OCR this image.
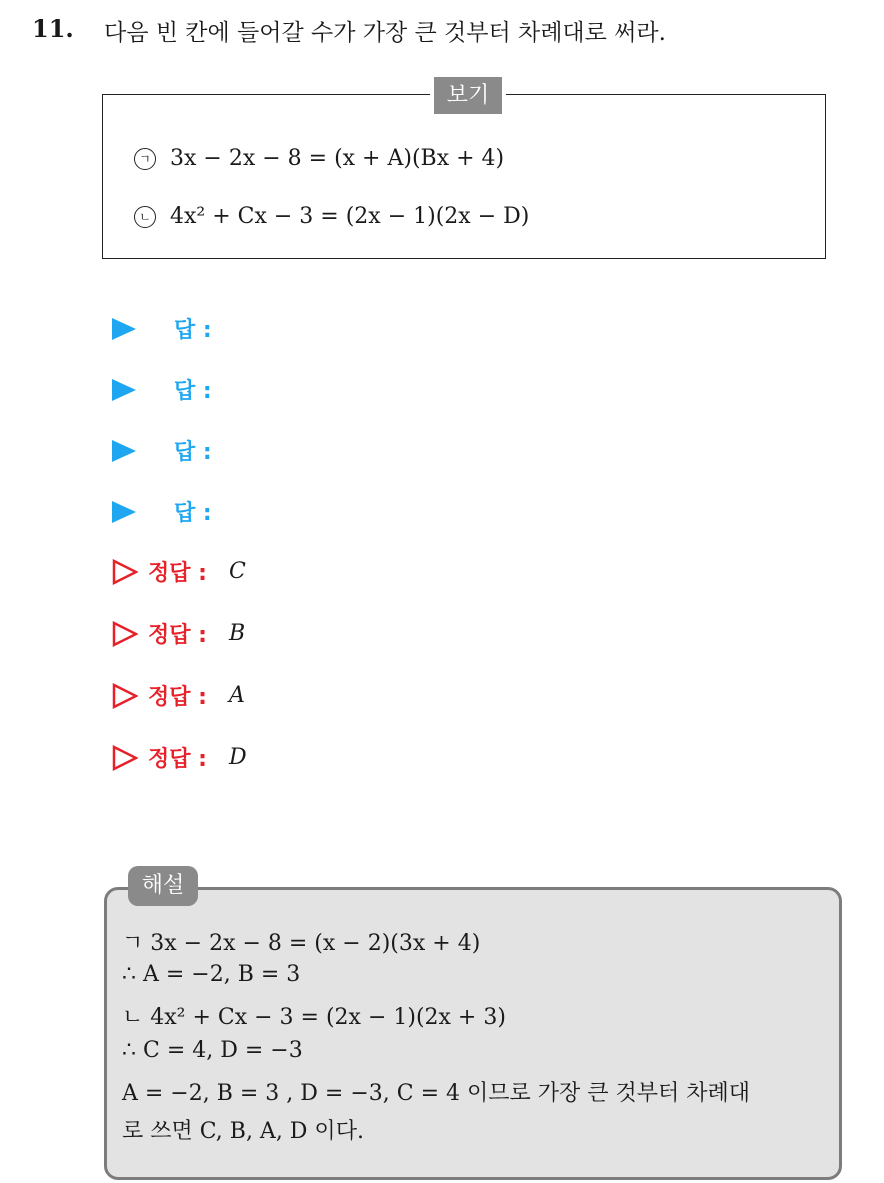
11. 다음 빈 칸에 들어갈 수가 가장 큰 것부터 차례대로 써라.
보기
ㄱ 3x − 2x − 8 = (x + A)(Bx + 4)
ㄴ 4x² + Cx − 3 = (2x − 1)(2x − D)
답 :
답 :
답 :
답 :
정답 : C
정답 : B
정답 : A
정답 : D
해설
ㄱ 3x − 2x − 8 = (x − 2)(3x + 4)
∴ A = −2, B = 3
ㄴ 4x² + Cx − 3 = (2x − 1)(2x + 3)
∴ C = 4, D = −3
A = −2, B = 3 , D = −3, C = 4 이므로 가장 큰 것부터 차례대
로 쓰면 C, B, A, D 이다.
